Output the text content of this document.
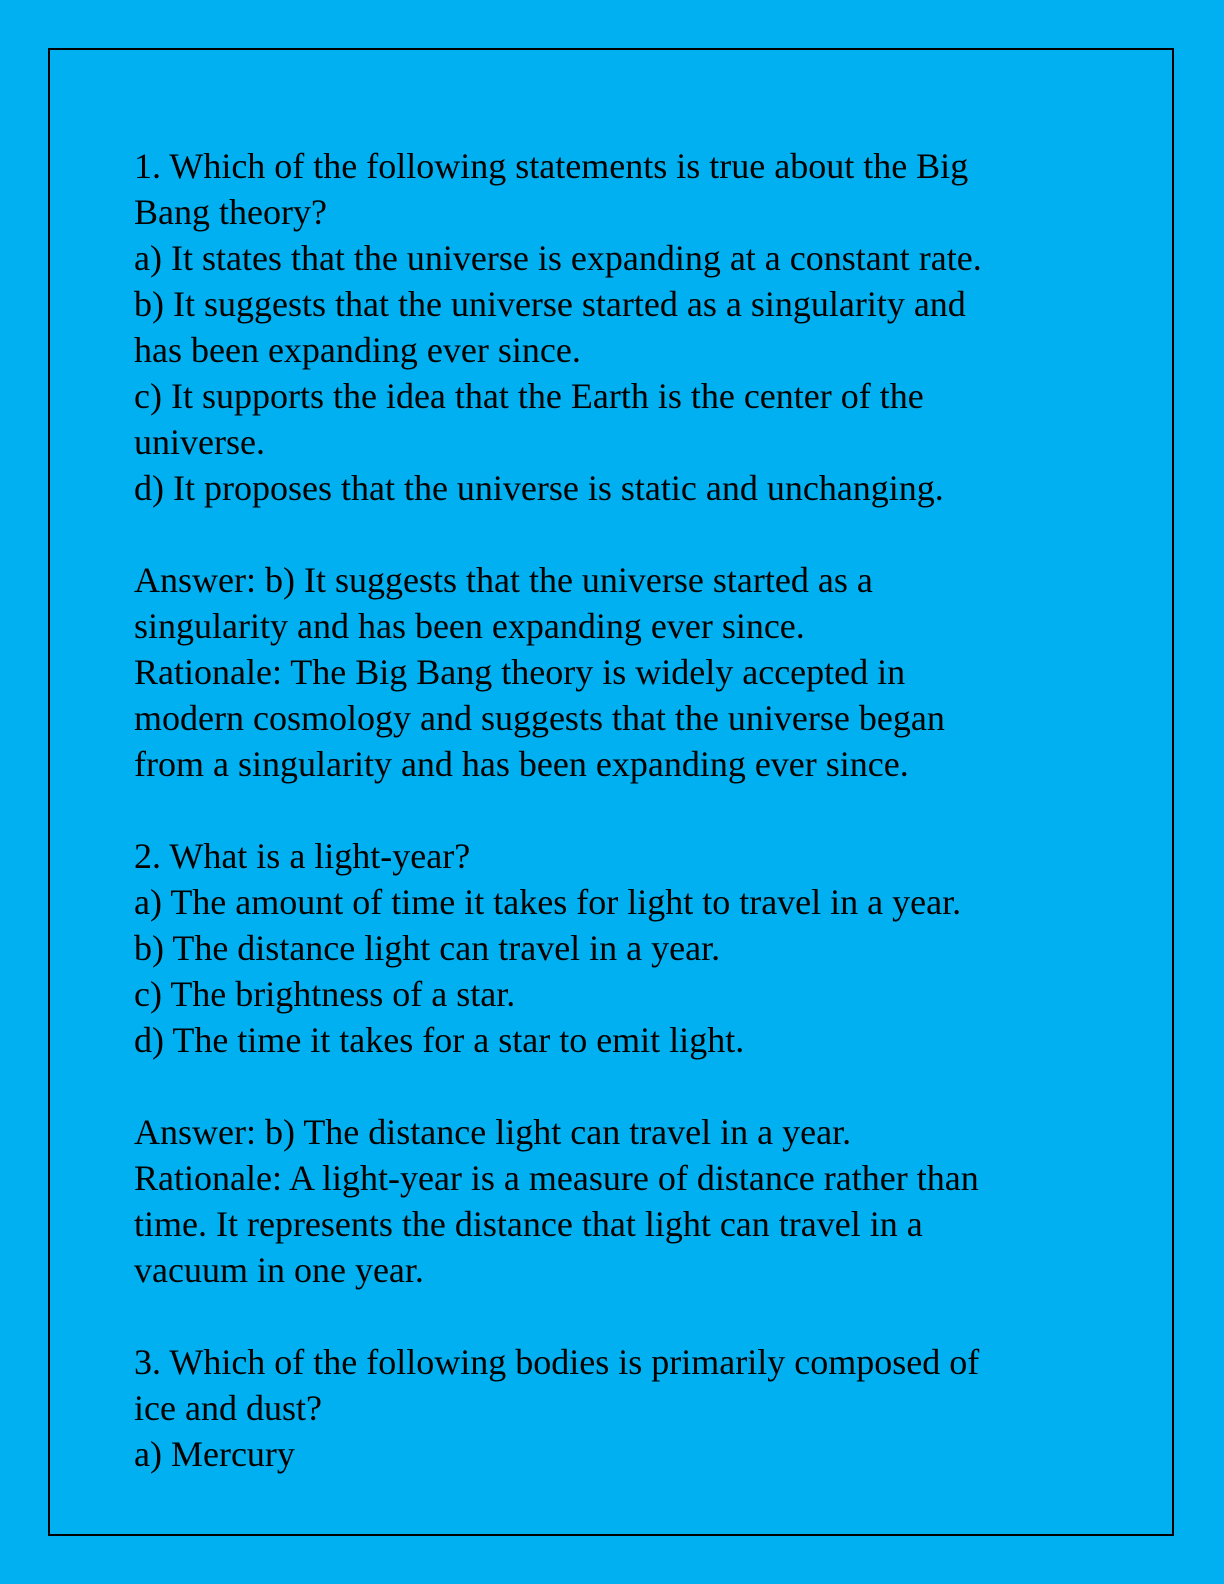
1. Which of the following statements is true about the Big
Bang theory?
a) It states that the universe is expanding at a constant rate.
b) It suggests that the universe started as a singularity and
has been expanding ever since.
c) It supports the idea that the Earth is the center of the
universe.
d) It proposes that the universe is static and unchanging.
Answer: b) It suggests that the universe started as a
singularity and has been expanding ever since.
Rationale: The Big Bang theory is widely accepted in
modern cosmology and suggests that the universe began
from a singularity and has been expanding ever since.
2. What is a light-year?
a) The amount of time it takes for light to travel in a year.
b) The distance light can travel in a year.
c) The brightness of a star.
d) The time it takes for a star to emit light.
Answer: b) The distance light can travel in a year.
Rationale: A light-year is a measure of distance rather than
time. It represents the distance that light can travel in a
vacuum in one year.
3. Which of the following bodies is primarily composed of
ice and dust?
a) Mercury
